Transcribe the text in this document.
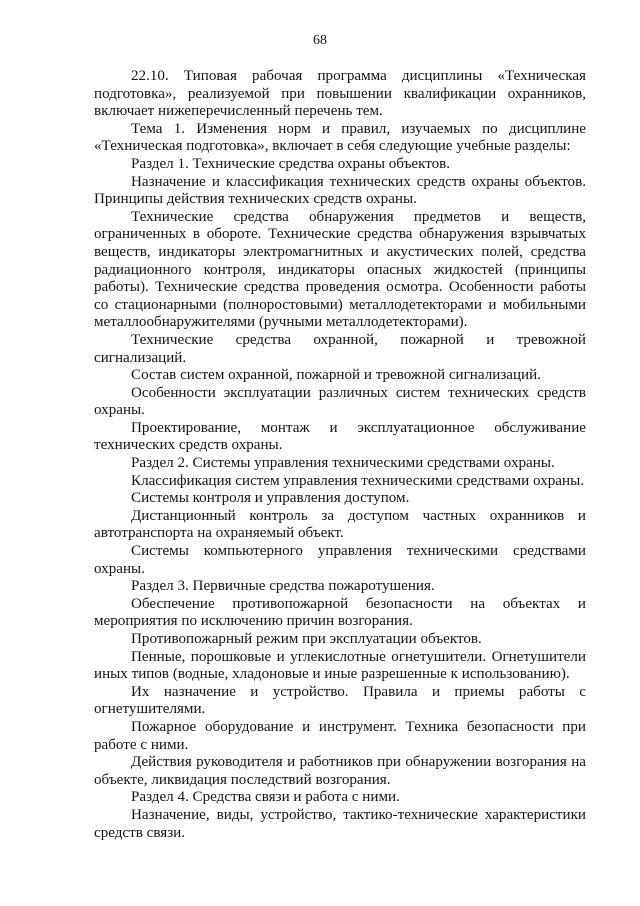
68

22.10. Типовая рабочая программа дисциплины «Техническая подготовка», реализуемой при повышении квалификации охранников, включает нижеперечисленный перечень тем.

Тема 1. Изменения норм и правил, изучаемых по дисциплине «Техническая подготовка», включает в себя следующие учебные разделы:

Раздел 1. Технические средства охраны объектов.

Назначение и классификация технических средств охраны объектов. Принципы действия технических средств охраны.

Технические средства обнаружения предметов и веществ, ограниченных в обороте. Технические средства обнаружения взрывчатых веществ, индикаторы электромагнитных и акустических полей, средства радиационного контроля, индикаторы опасных жидкостей (принципы работы). Технические средства проведения осмотра. Особенности работы со стационарными (полноростовыми) металлодетекторами и мобильными металлообнаружителями (ручными металлодетекторами).

Технические средства охранной, пожарной и тревожной сигнализаций.

Состав систем охранной, пожарной и тревожной сигнализаций.

Особенности эксплуатации различных систем технических средств охраны.

Проектирование, монтаж и эксплуатационное обслуживание технических средств охраны.

Раздел 2. Системы управления техническими средствами охраны.

Классификация систем управления техническими средствами охраны.

Системы контроля и управления доступом.

Дистанционный контроль за доступом частных охранников и автотранспорта на охраняемый объект.

Системы компьютерного управления техническими средствами охраны.

Раздел 3. Первичные средства пожаротушения.

Обеспечение противопожарной безопасности на объектах и мероприятия по исключению причин возгорания.

Противопожарный режим при эксплуатации объектов.

Пенные, порошковые и углекислотные огнетушители. Огнетушители иных типов (водные, хладоновые и иные разрешенные к использованию).

Их назначение и устройство. Правила и приемы работы с огнетушителями.

Пожарное оборудование и инструмент. Техника безопасности при работе с ними.

Действия руководителя и работников при обнаружении возгорания на объекте, ликвидация последствий возгорания.

Раздел 4. Средства связи и работа с ними.

Назначение, виды, устройство, тактико-технические характеристики средств связи.
